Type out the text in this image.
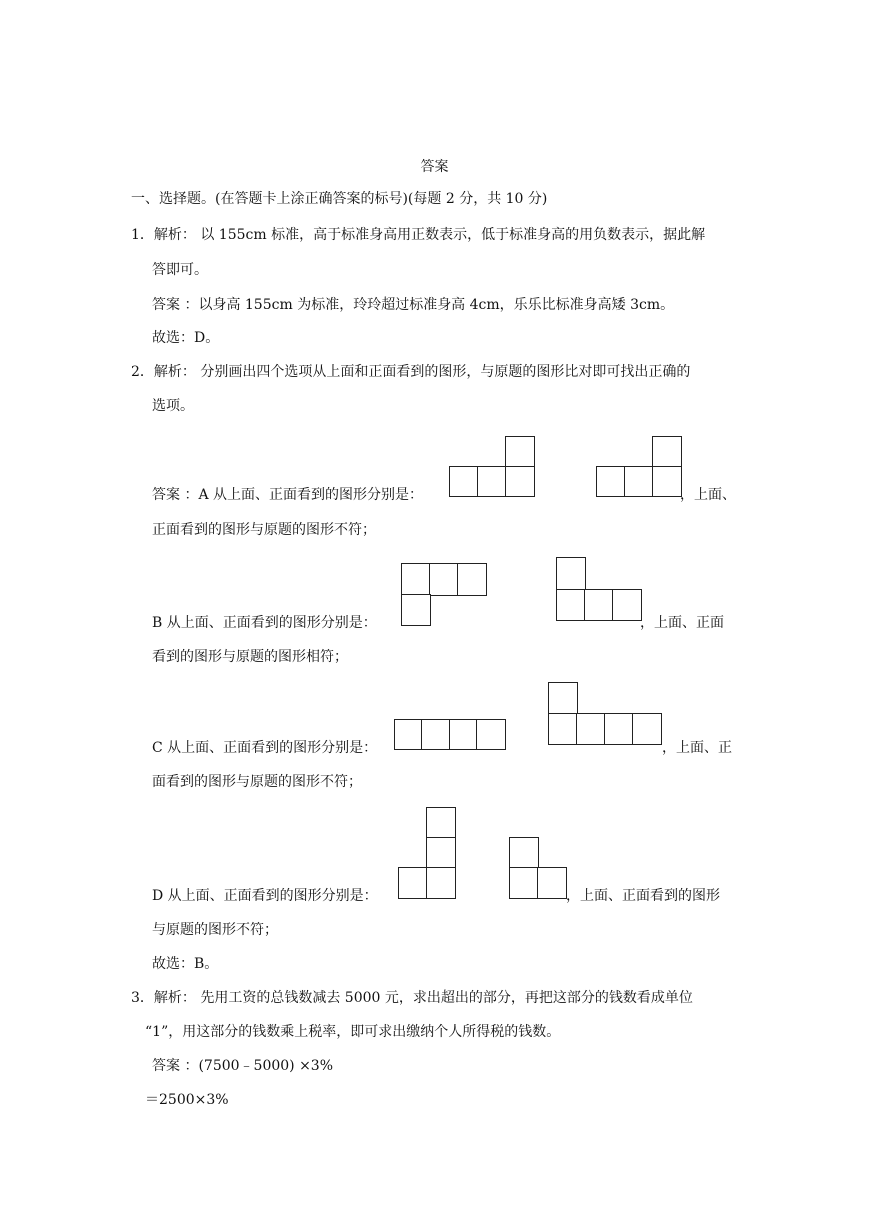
答案
一、选择题。(在答题卡上涂正确答案的标号)(每题 2 分，共 10 分)
1．解析： 以 155cm 标准，高于标准身高用正数表示，低于标准身高的用负数表示，据此解
答即可。
答案 ：以身高 155cm 为标准，玲玲超过标准身高 4cm，乐乐比标准身高矮 3cm。
故选：D。
2．解析： 分别画出四个选项从上面和正面看到的图形，与原题的图形比对即可找出正确的
选项。
答案 ：A 从上面、正面看到的图形分别是：	，上面、
正面看到的图形与原题的图形不符；
B 从上面、正面看到的图形分别是：	，上面、正面
看到的图形与原题的图形相符；
C 从上面、正面看到的图形分别是：	，上面、正
面看到的图形与原题的图形不符；
D 从上面、正面看到的图形分别是：	，上面、正面看到的图形
与原题的图形不符；
故选：B。
3．解析： 先用工资的总钱数减去 5000 元，求出超出的部分，再把这部分的钱数看成单位
“1”，用这部分的钱数乘上税率，即可求出缴纳个人所得税的钱数。
答案 ：(7500﹣5000) ×3%
＝2500×3%
